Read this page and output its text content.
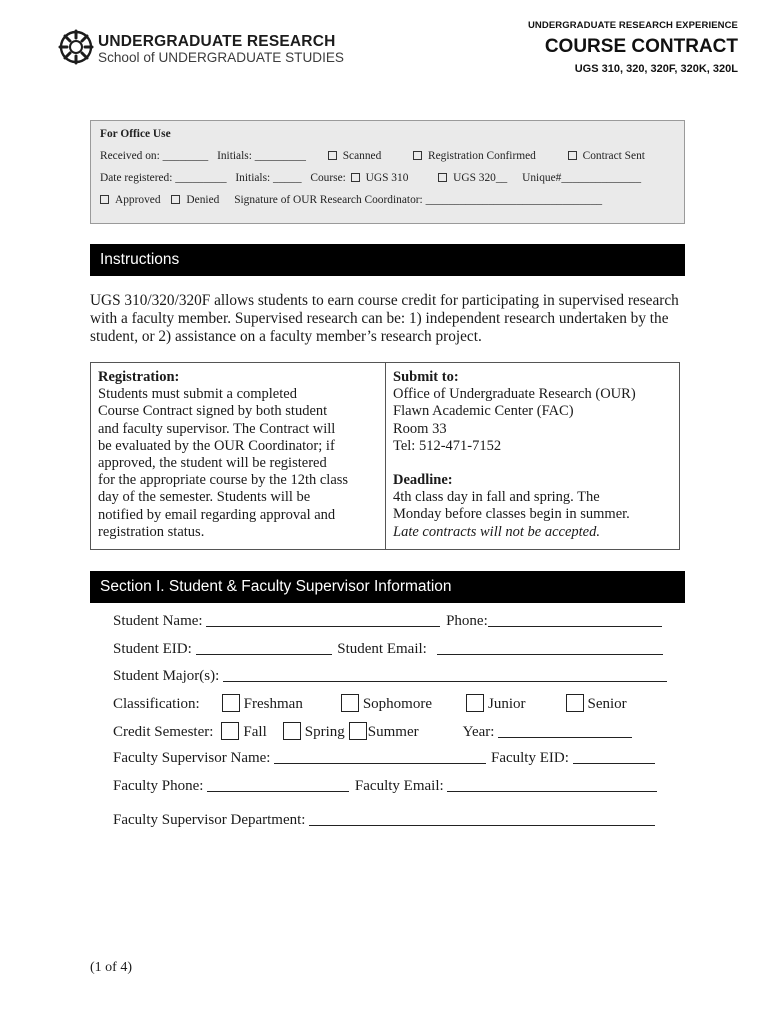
UNDERGRADUATE RESEARCH
School of UNDERGRADUATE STUDIES
UNDERGRADUATE RESEARCH EXPERIENCE
COURSE CONTRACT
UGS 310, 320, 320F, 320K, 320L
For Office Use
Received on: ________ Initials: _________	Scanned	Registration Confirmed	Contract Sent
Date registered: _________ Initials: _____ Course: UGS 310	UGS 320__ Unique#______________
Approved Denied Signature of OUR Research Coordinator: _______________________________
Instructions
UGS 310/320/320F allows students to earn course credit for participating in supervised research with a faculty member. Supervised research can be: 1) independent research undertaken by the student, or 2) assistance on a faculty member’s research project.
Registration:
Students must submit a completed
Course Contract signed by both student
and faculty supervisor. The Contract will
be evaluated by the OUR Coordinator; if
approved, the student will be registered
for the appropriate course by the 12th class
day of the semester. Students will be
notified by email regarding approval and
registration status.
Submit to:
Office of Undergraduate Research (OUR)
Flawn Academic Center (FAC)
Room 33
Tel: 512-471-7152
Deadline:
4th class day in fall and spring. The
Monday before classes begin in summer.
Late contracts will not be accepted.
Section I. Student & Faculty Supervisor Information
Student Name:	Phone:
Student EID:	Student Email:
Student Major(s):
Classification:	Freshman	Sophomore	Junior	Senior
Credit Semester: Fall	Spring Summer	Year:
Faculty Supervisor Name:	Faculty EID:
Faculty Phone:	Faculty Email:
Faculty Supervisor Department:
(1 of 4)
